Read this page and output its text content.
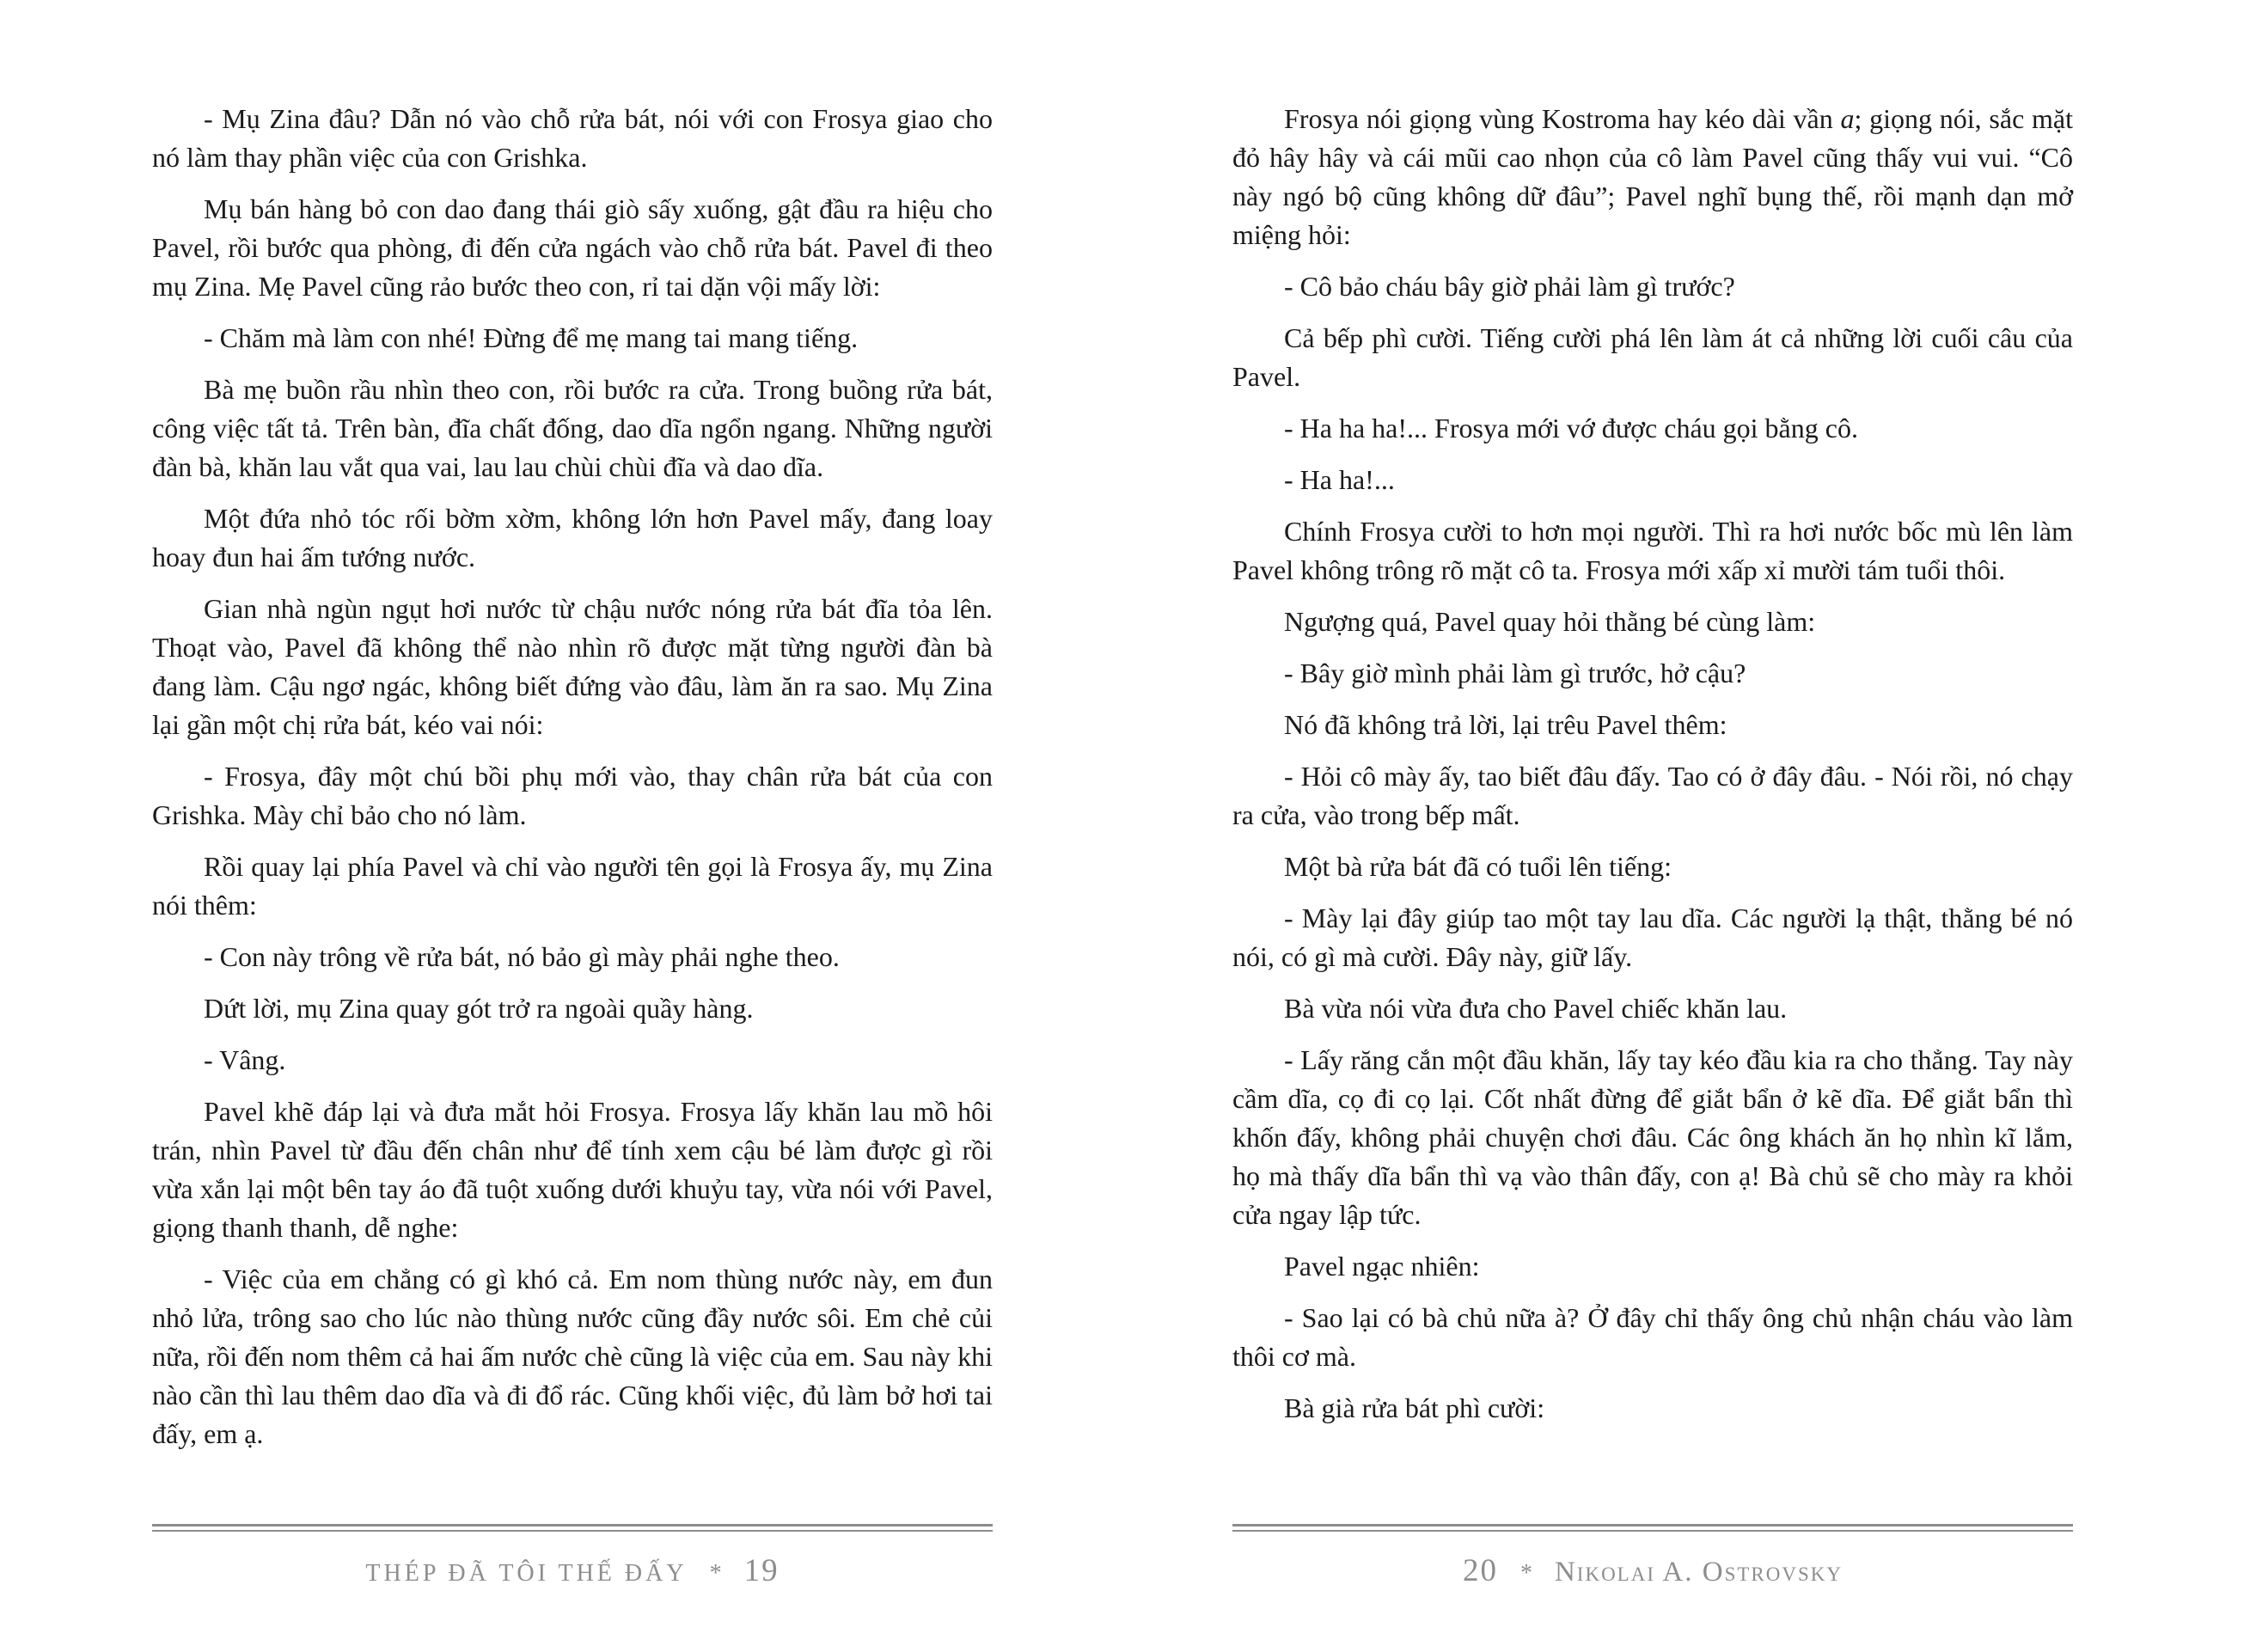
- Mụ Zina đâu? Dẫn nó vào chỗ rửa bát, nói với con Frosya giao cho nó làm thay phần việc của con Grishka.

Mụ bán hàng bỏ con dao đang thái giò sấy xuống, gật đầu ra hiệu cho Pavel, rồi bước qua phòng, đi đến cửa ngách vào chỗ rửa bát. Pavel đi theo mụ Zina. Mẹ Pavel cũng rảo bước theo con, rỉ tai dặn vội mấy lời:

- Chăm mà làm con nhé! Đừng để mẹ mang tai mang tiếng.

Bà mẹ buồn rầu nhìn theo con, rồi bước ra cửa. Trong buồng rửa bát, công việc tất tả. Trên bàn, đĩa chất đống, dao dĩa ngổn ngang. Những người đàn bà, khăn lau vắt qua vai, lau lau chùi chùi đĩa và dao dĩa.

Một đứa nhỏ tóc rối bờm xờm, không lớn hơn Pavel mấy, đang loay hoay đun hai ấm tướng nước.

Gian nhà ngùn ngụt hơi nước từ chậu nước nóng rửa bát đĩa tỏa lên. Thoạt vào, Pavel đã không thể nào nhìn rõ được mặt từng người đàn bà đang làm. Cậu ngơ ngác, không biết đứng vào đâu, làm ăn ra sao. Mụ Zina lại gần một chị rửa bát, kéo vai nói:

- Frosya, đây một chú bồi phụ mới vào, thay chân rửa bát của con Grishka. Mày chỉ bảo cho nó làm.

Rồi quay lại phía Pavel và chỉ vào người tên gọi là Frosya ấy, mụ Zina nói thêm:

- Con này trông về rửa bát, nó bảo gì mày phải nghe theo.

Dứt lời, mụ Zina quay gót trở ra ngoài quầy hàng.

- Vâng.

Pavel khẽ đáp lại và đưa mắt hỏi Frosya. Frosya lấy khăn lau mồ hôi trán, nhìn Pavel từ đầu đến chân như để tính xem cậu bé làm được gì rồi vừa xắn lại một bên tay áo đã tuột xuống dưới khuỷu tay, vừa nói với Pavel, giọng thanh thanh, dễ nghe:

- Việc của em chẳng có gì khó cả. Em nom thùng nước này, em đun nhỏ lửa, trông sao cho lúc nào thùng nước cũng đầy nước sôi. Em chẻ củi nữa, rồi đến nom thêm cả hai ấm nước chè cũng là việc của em. Sau này khi nào cần thì lau thêm dao dĩa và đi đổ rác. Cũng khối việc, đủ làm bở hơi tai đấy, em ạ.

THÉP ĐÃ TÔI THẾ ĐẤY * 19

Frosya nói giọng vùng Kostroma hay kéo dài vần a; giọng nói, sắc mặt đỏ hây hây và cái mũi cao nhọn của cô làm Pavel cũng thấy vui vui. “Cô này ngó bộ cũng không dữ đâu”; Pavel nghĩ bụng thế, rồi mạnh dạn mở miệng hỏi:

- Cô bảo cháu bây giờ phải làm gì trước?

Cả bếp phì cười. Tiếng cười phá lên làm át cả những lời cuối câu của Pavel.

- Ha ha ha!... Frosya mới vớ được cháu gọi bằng cô.

- Ha ha!...

Chính Frosya cười to hơn mọi người. Thì ra hơi nước bốc mù lên làm Pavel không trông rõ mặt cô ta. Frosya mới xấp xỉ mười tám tuổi thôi.

Ngượng quá, Pavel quay hỏi thằng bé cùng làm:

- Bây giờ mình phải làm gì trước, hở cậu?

Nó đã không trả lời, lại trêu Pavel thêm:

- Hỏi cô mày ấy, tao biết đâu đấy. Tao có ở đây đâu. - Nói rồi, nó chạy ra cửa, vào trong bếp mất.

Một bà rửa bát đã có tuổi lên tiếng:

- Mày lại đây giúp tao một tay lau dĩa. Các người lạ thật, thằng bé nó nói, có gì mà cười. Đây này, giữ lấy.

Bà vừa nói vừa đưa cho Pavel chiếc khăn lau.

- Lấy răng cắn một đầu khăn, lấy tay kéo đầu kia ra cho thẳng. Tay này cầm dĩa, cọ đi cọ lại. Cốt nhất đừng để giắt bẩn ở kẽ dĩa. Để giắt bẩn thì khốn đấy, không phải chuyện chơi đâu. Các ông khách ăn họ nhìn kĩ lắm, họ mà thấy dĩa bẩn thì vạ vào thân đấy, con ạ! Bà chủ sẽ cho mày ra khỏi cửa ngay lập tức.

Pavel ngạc nhiên:

- Sao lại có bà chủ nữa à? Ở đây chỉ thấy ông chủ nhận cháu vào làm thôi cơ mà.

Bà già rửa bát phì cười:

20 * Nikolai A. Ostrovsky
